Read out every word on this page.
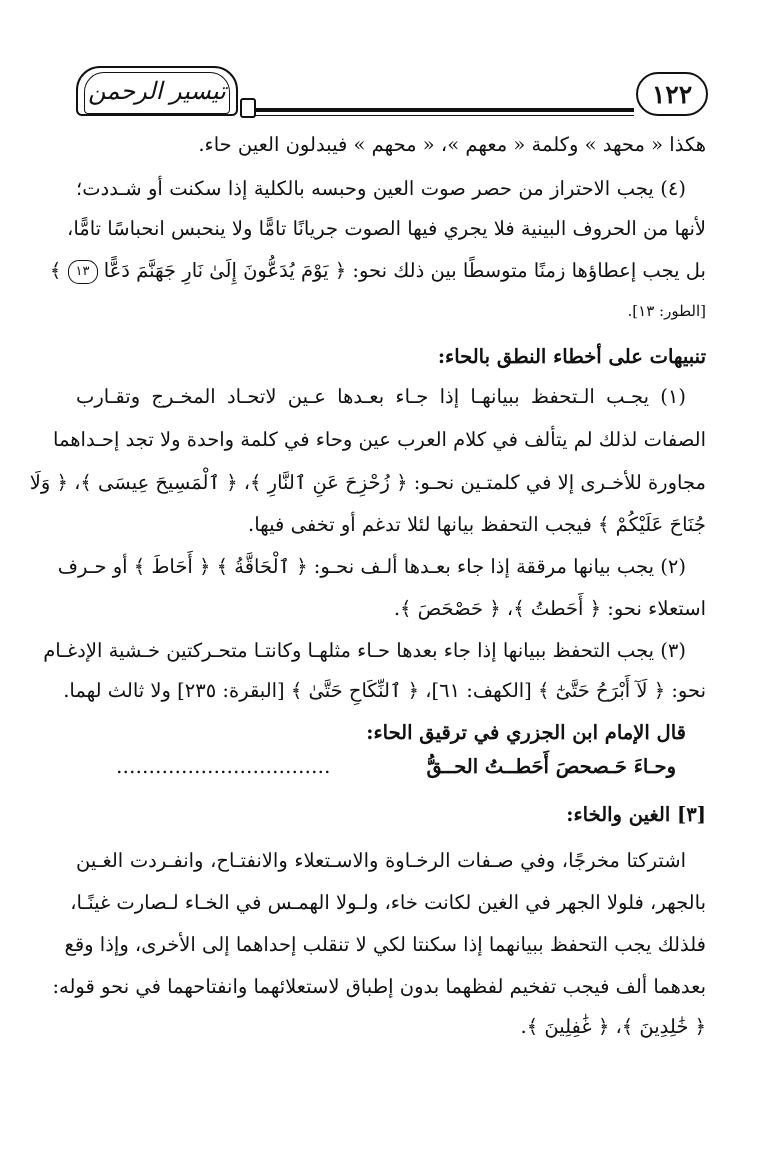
١٢٢
تيسير الرحمن
هكذا « محهد » وكلمة « معهم »، « محهم » فيبدلون العين حاء.
(٤) يجب الاحتراز من حصر صوت العين وحبسه بالكلية إذا سكنت أو شـددت؛
لأنها من الحروف البينية فلا يجري فيها الصوت جريانًا تامًّا ولا ينحبس انحباسًا تامًّا،
بل يجب إعطاؤها زمنًا متوسطًا بين ذلك نحو: ﴿ يَوْمَ يُدَعُّونَ إِلَىٰ نَارِ جَهَنَّمَ دَعًّا ١٣ ﴾
[الطور: ١٣].
تنبيهات على أخطاء النطق بالحاء:
(١) يجـب الـتحفظ ببيانهـا إذا جـاء بعـدها عـين لاتحـاد المخـرج وتقـارب
الصفات لذلك لم يتألف في كلام العرب عين وحاء في كلمة واحدة ولا تجد إحـداهما
مجاورة للأخـرى إلا في كلمتـين نحـو: ﴿ زُحْزِحَ عَنِ ٱلنَّارِ ﴾، ﴿ ٱلْمَسِيحَ عِيسَى ﴾، ﴿ وَلَا
جُنَاحَ عَلَيْكُمْ ﴾ فيجب التحفظ بيانها لئلا تدغم أو تخفى فيها.
(٢) يجب بيانها مرققة إذا جاء بعـدها ألـف نحـو: ﴿ ٱلْحَاقَّةُ ﴾ ﴿ أَحَاطَ ﴾ أو حـرف
استعلاء نحو: ﴿ أَحَطتُ ﴾، ﴿ حَصْحَصَ ﴾.
(٣) يجب التحفظ ببيانها إذا جاء بعدها حـاء مثلهـا وكانتـا متحـركتين خـشية الإدغـام
نحو: ﴿ لَآ أَبْرَحُ حَتَّىٰٓ ﴾ [الكهف: ٦١]، ﴿ ٱلنِّكَاحِ حَتَّىٰ ﴾ [البقرة: ٢٣٥] ولا ثالث لهما.
قال الإمام ابن الجزري في ترقيق الحاء:
وحـاءَ حَـصحصَ أَحَطــتُ الحــقُّ
……………………………
[٣] الغين والخاء:
اشتركتا مخرجًا، وفي صـفات الرخـاوة والاسـتعلاء والانفتـاح، وانفـردت الغـين
بالجهر، فلولا الجهر في الغين لكانت خاء، ولـولا الهمـس في الخـاء لـصارت غينًـا،
فلذلك يجب التحفظ ببيانهما إذا سكنتا لكي لا تنقلب إحداهما إلى الأخرى، وإذا وقع
بعدهما ألف فيجب تفخيم لفظهما بدون إطباق لاستعلائهما وانفتاحهما في نحو قوله:
﴿ خَٰلِدِينَ ﴾، ﴿ غَٰفِلِينَ ﴾.
